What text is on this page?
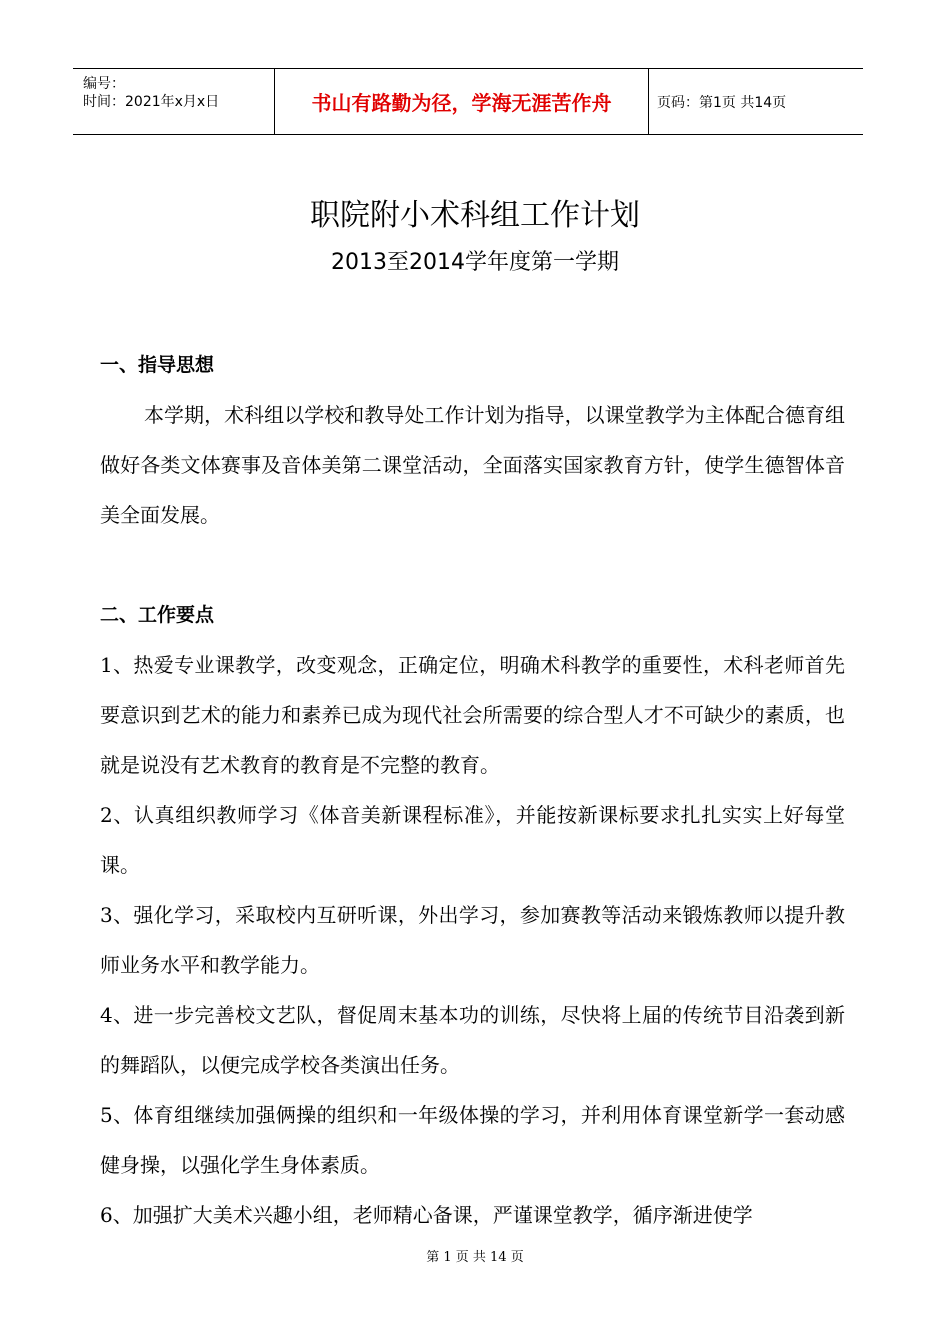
编号：
时间：2021年x月x日	书山有路勤为径，学海无涯苦作舟	页码：第1页 共14页
职院附小术科组工作计划
2013至2014学年度第一学期
一、指导思想
本学期，术科组以学校和教导处工作计划为指导，以课堂教学为主体配合德育组做好各类文体赛事及音体美第二课堂活动，全面落实国家教育方针，使学生德智体音美全面发展。
二、工作要点
1、热爱专业课教学，改变观念，正确定位，明确术科教学的重要性，术科老师首先要意识到艺术的能力和素养已成为现代社会所需要的综合型人才不可缺少的素质，也就是说没有艺术教育的教育是不完整的教育。
2、认真组织教师学习《体音美新课程标准》，并能按新课标要求扎扎实实上好每堂课。
3、强化学习，采取校内互研听课，外出学习，参加赛教等活动来锻炼教师以提升教师业务水平和教学能力。
4、进一步完善校文艺队，督促周末基本功的训练，尽快将上届的传统节目沿袭到新的舞蹈队，以便完成学校各类演出任务。
5、体育组继续加强俩操的组织和一年级体操的学习，并利用体育课堂新学一套动感健身操，以强化学生身体素质。
6、加强扩大美术兴趣小组，老师精心备课，严谨课堂教学，循序渐进使学
第 1 页 共 14 页
